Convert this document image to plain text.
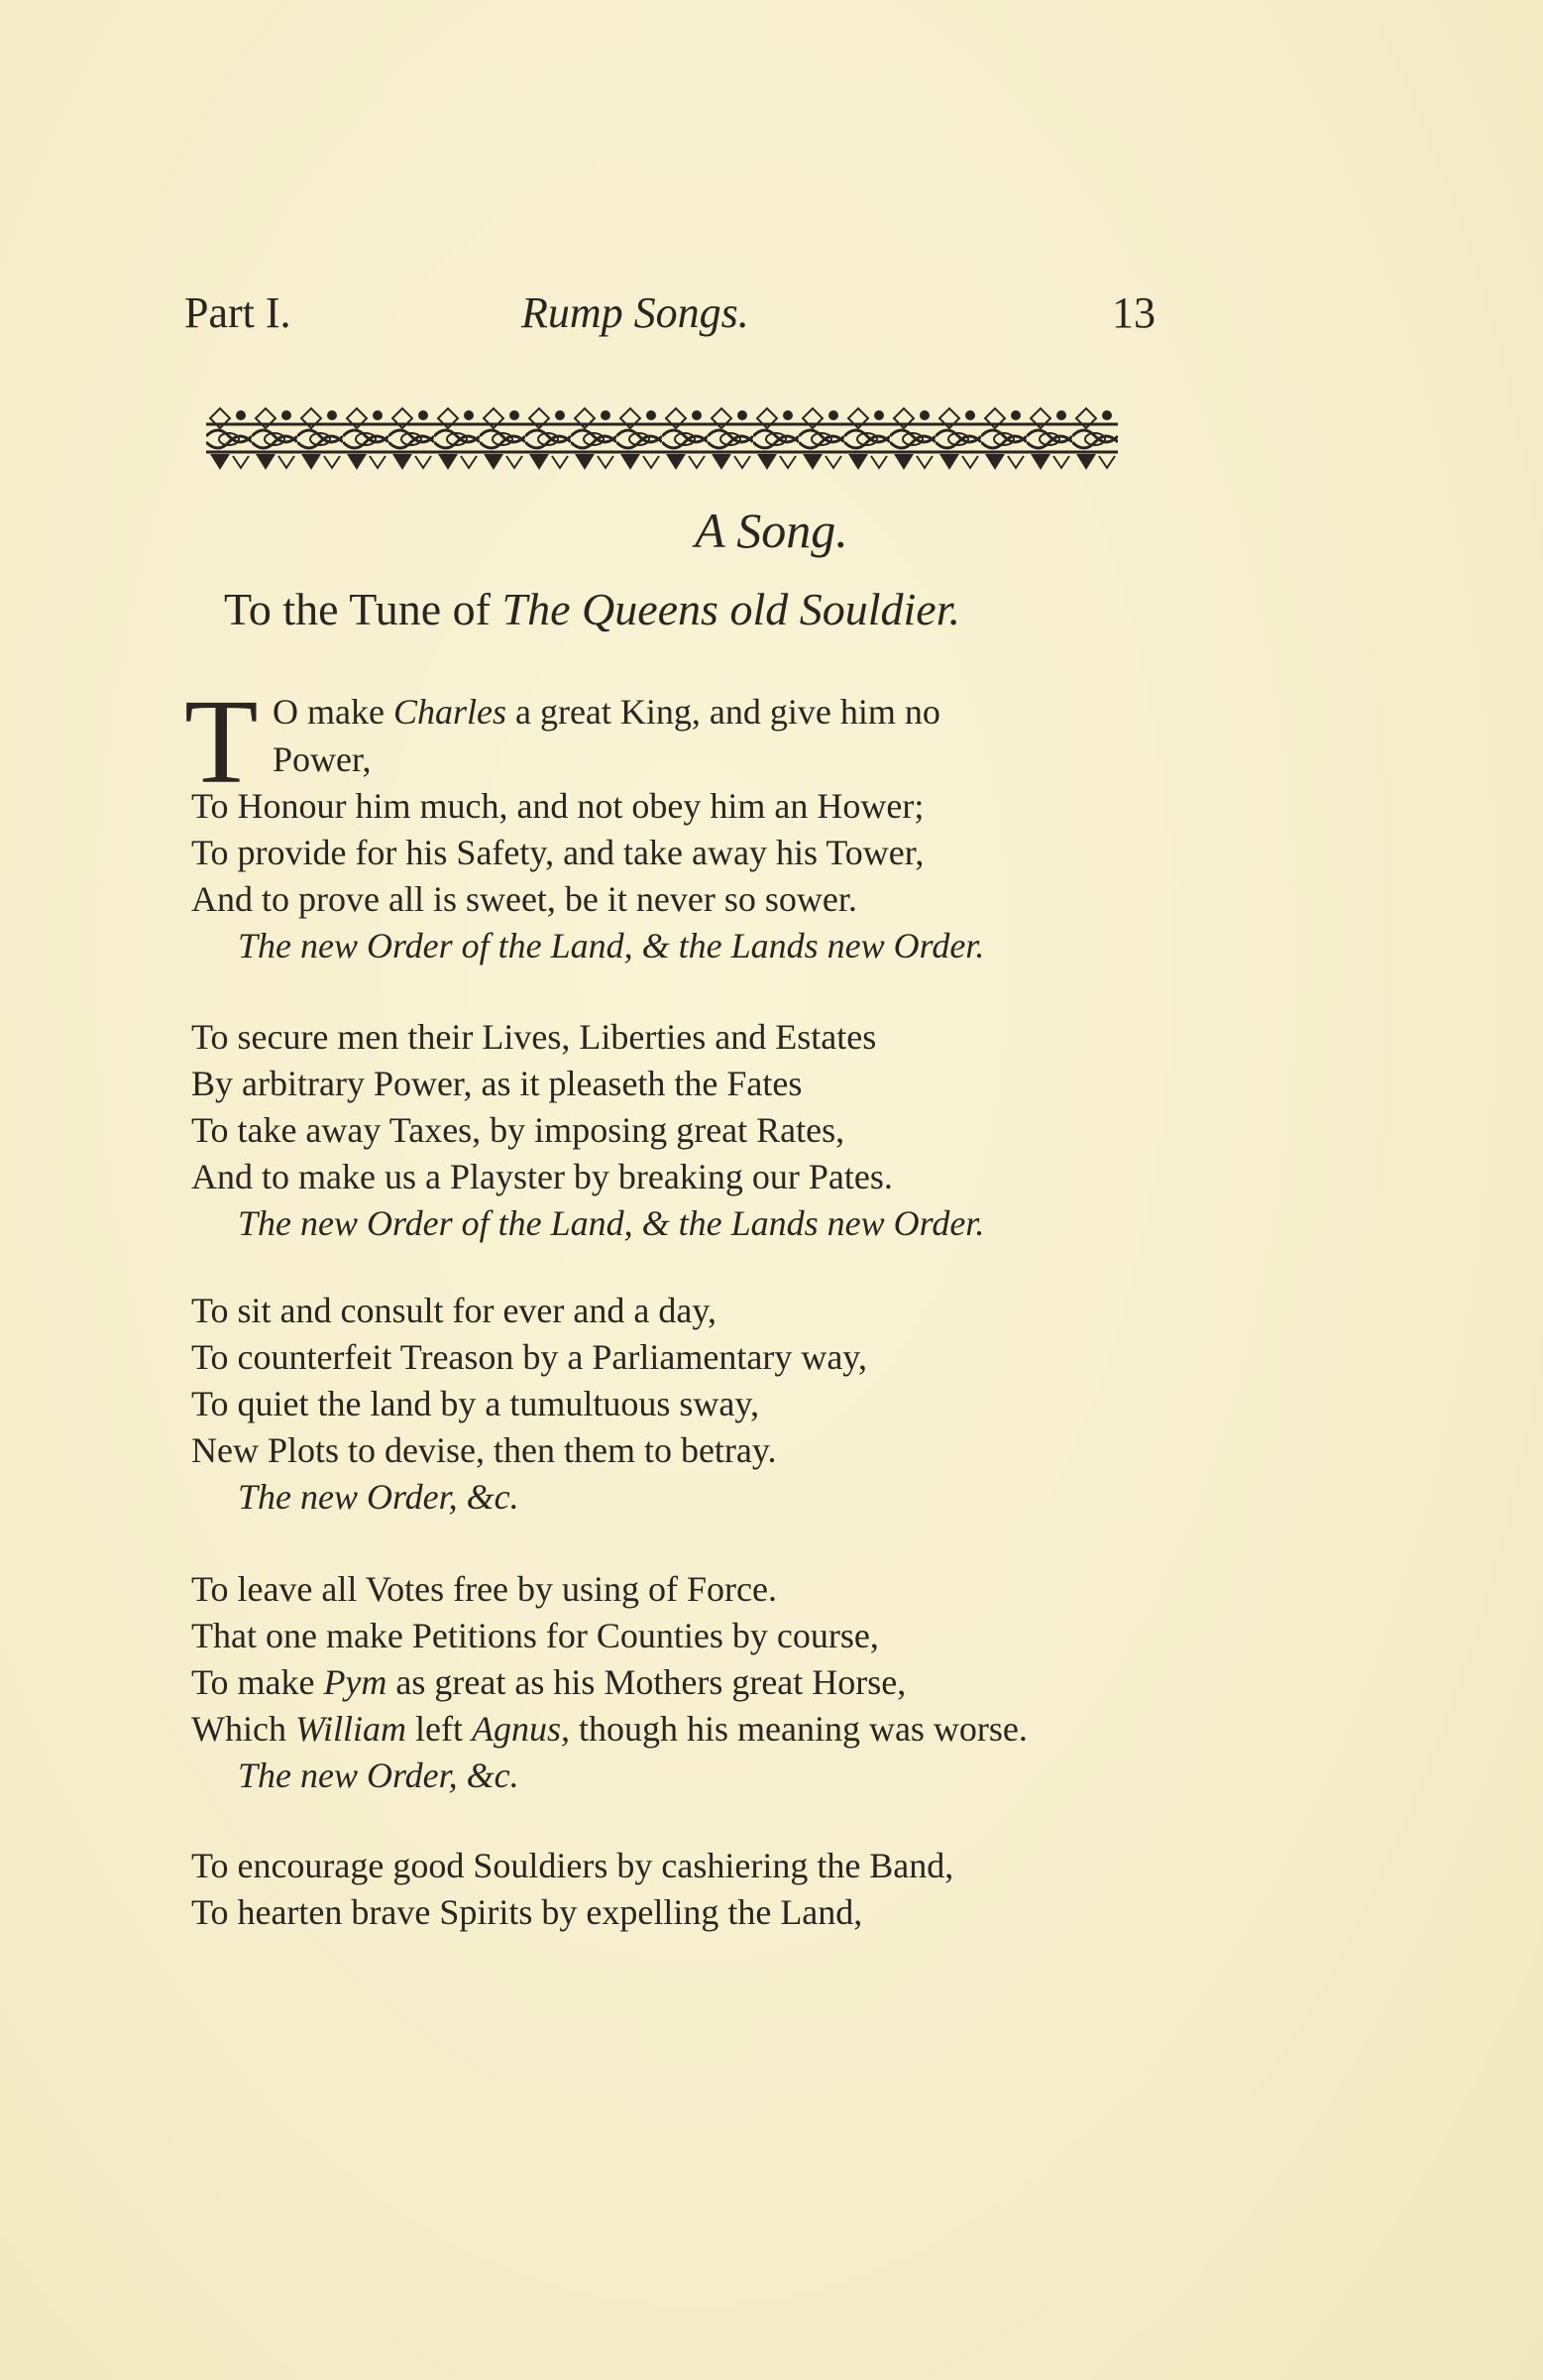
Part I.	Rump Songs.	13
A Song.
To the Tune of The Queens old Souldier.
T O make Charles a great King, and give him no
Power,
To Honour him much, and not obey him an Hower;
To provide for his Safety, and take away his Tower,
And to prove all is sweet, be it never so sower.
The new Order of the Land, & the Lands new Order.
To secure men their Lives, Liberties and Estates
By arbitrary Power, as it pleaseth the Fates
To take away Taxes, by imposing great Rates,
And to make us a Playster by breaking our Pates.
The new Order of the Land, & the Lands new Order.
To sit and consult for ever and a day,
To counterfeit Treason by a Parliamentary way,
To quiet the land by a tumultuous sway,
New Plots to devise, then them to betray.
The new Order, &c.
To leave all Votes free by using of Force.
That one make Petitions for Counties by course,
To make Pym as great as his Mothers great Horse,
Which William left Agnus, though his meaning was worse.
The new Order, &c.
To encourage good Souldiers by cashiering the Band,
To hearten brave Spirits by expelling the Land,
